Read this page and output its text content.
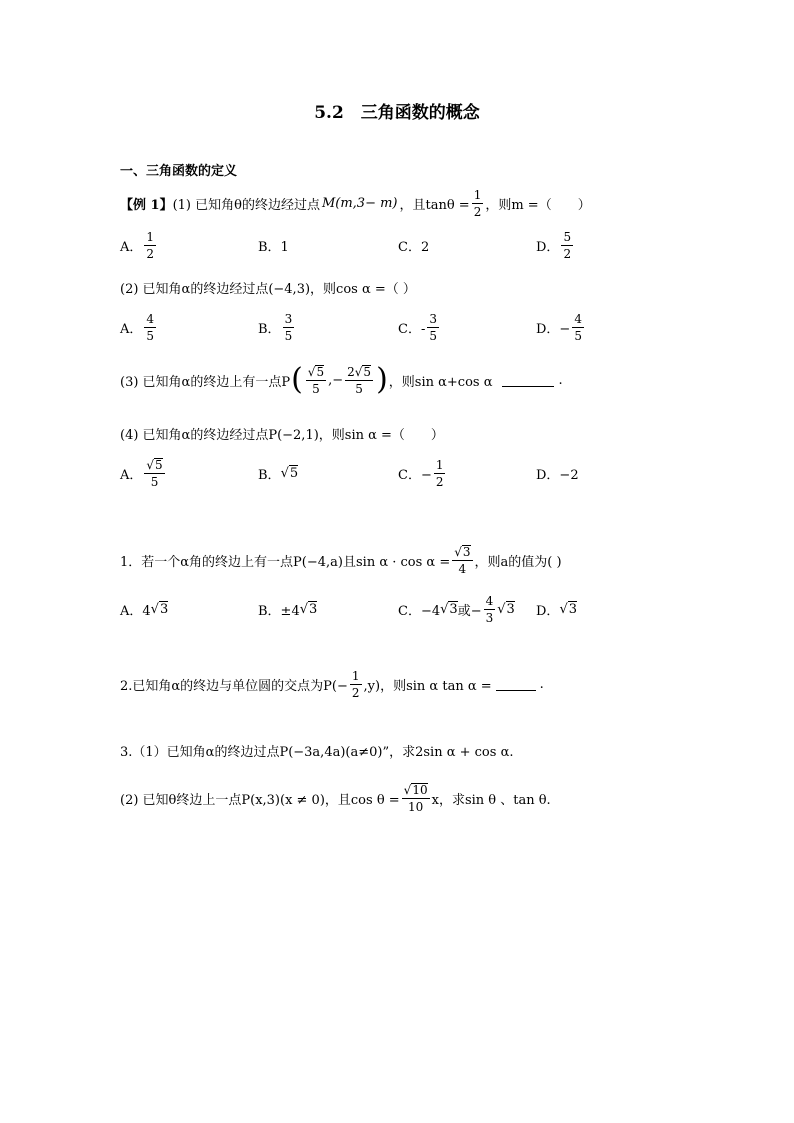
5.2　三角函数的概念
一、三角函数的定义
【例 1】 (1) 已知角θ的终边经过点 M(m,3− m) ，且$\tan\theta = \frac{1}{2}$ ，则m =（　　）
A． $\frac{1}{2}$	B．1	C．2	D． $\frac{5}{2}$
(2) 已知角α的终边经过点(−4,3)，则cos α =（ ）
A． $\frac{4}{5}$	B． $\frac{3}{5}$	C．- $\frac{3}{5}$	D．− $\frac{4}{5}$
(3) 已知角α的终边上有一点P ( $\frac{√5}{5}$ ,− $\frac{2√5}{5}$ ) ，则sin α+cos α	.
(4) 已知角α的终边经过点P(−2,1)，则sin α =（　　）
A． $\frac{√5}{5}$	B． √5	C．− $\frac{1}{2}$	D．−2
1．若一个α角的终边上有一点P(−4,a)且$\sin \alpha \cdot \cos \alpha = \frac{√3}{4}$ ，则a的值为( )
A．4 √3	B．±4 √3	C．−4 √3 或− $\frac{4}{3} √3$ D． √3
2.已知角α的终边与单位圆的交点为$P(- \frac{1}{2} ,y)$，则sin α tan α =	.
3.（1）已知角α的终边过点P(−3a,4a)(a≠0)”，求2sin α + cos α.
(2) 已知θ终边上一点P(x,3)(x ≠ 0)，且$\cos \theta = \frac{√10}{10}$ x，求sin θ 、tan θ.
